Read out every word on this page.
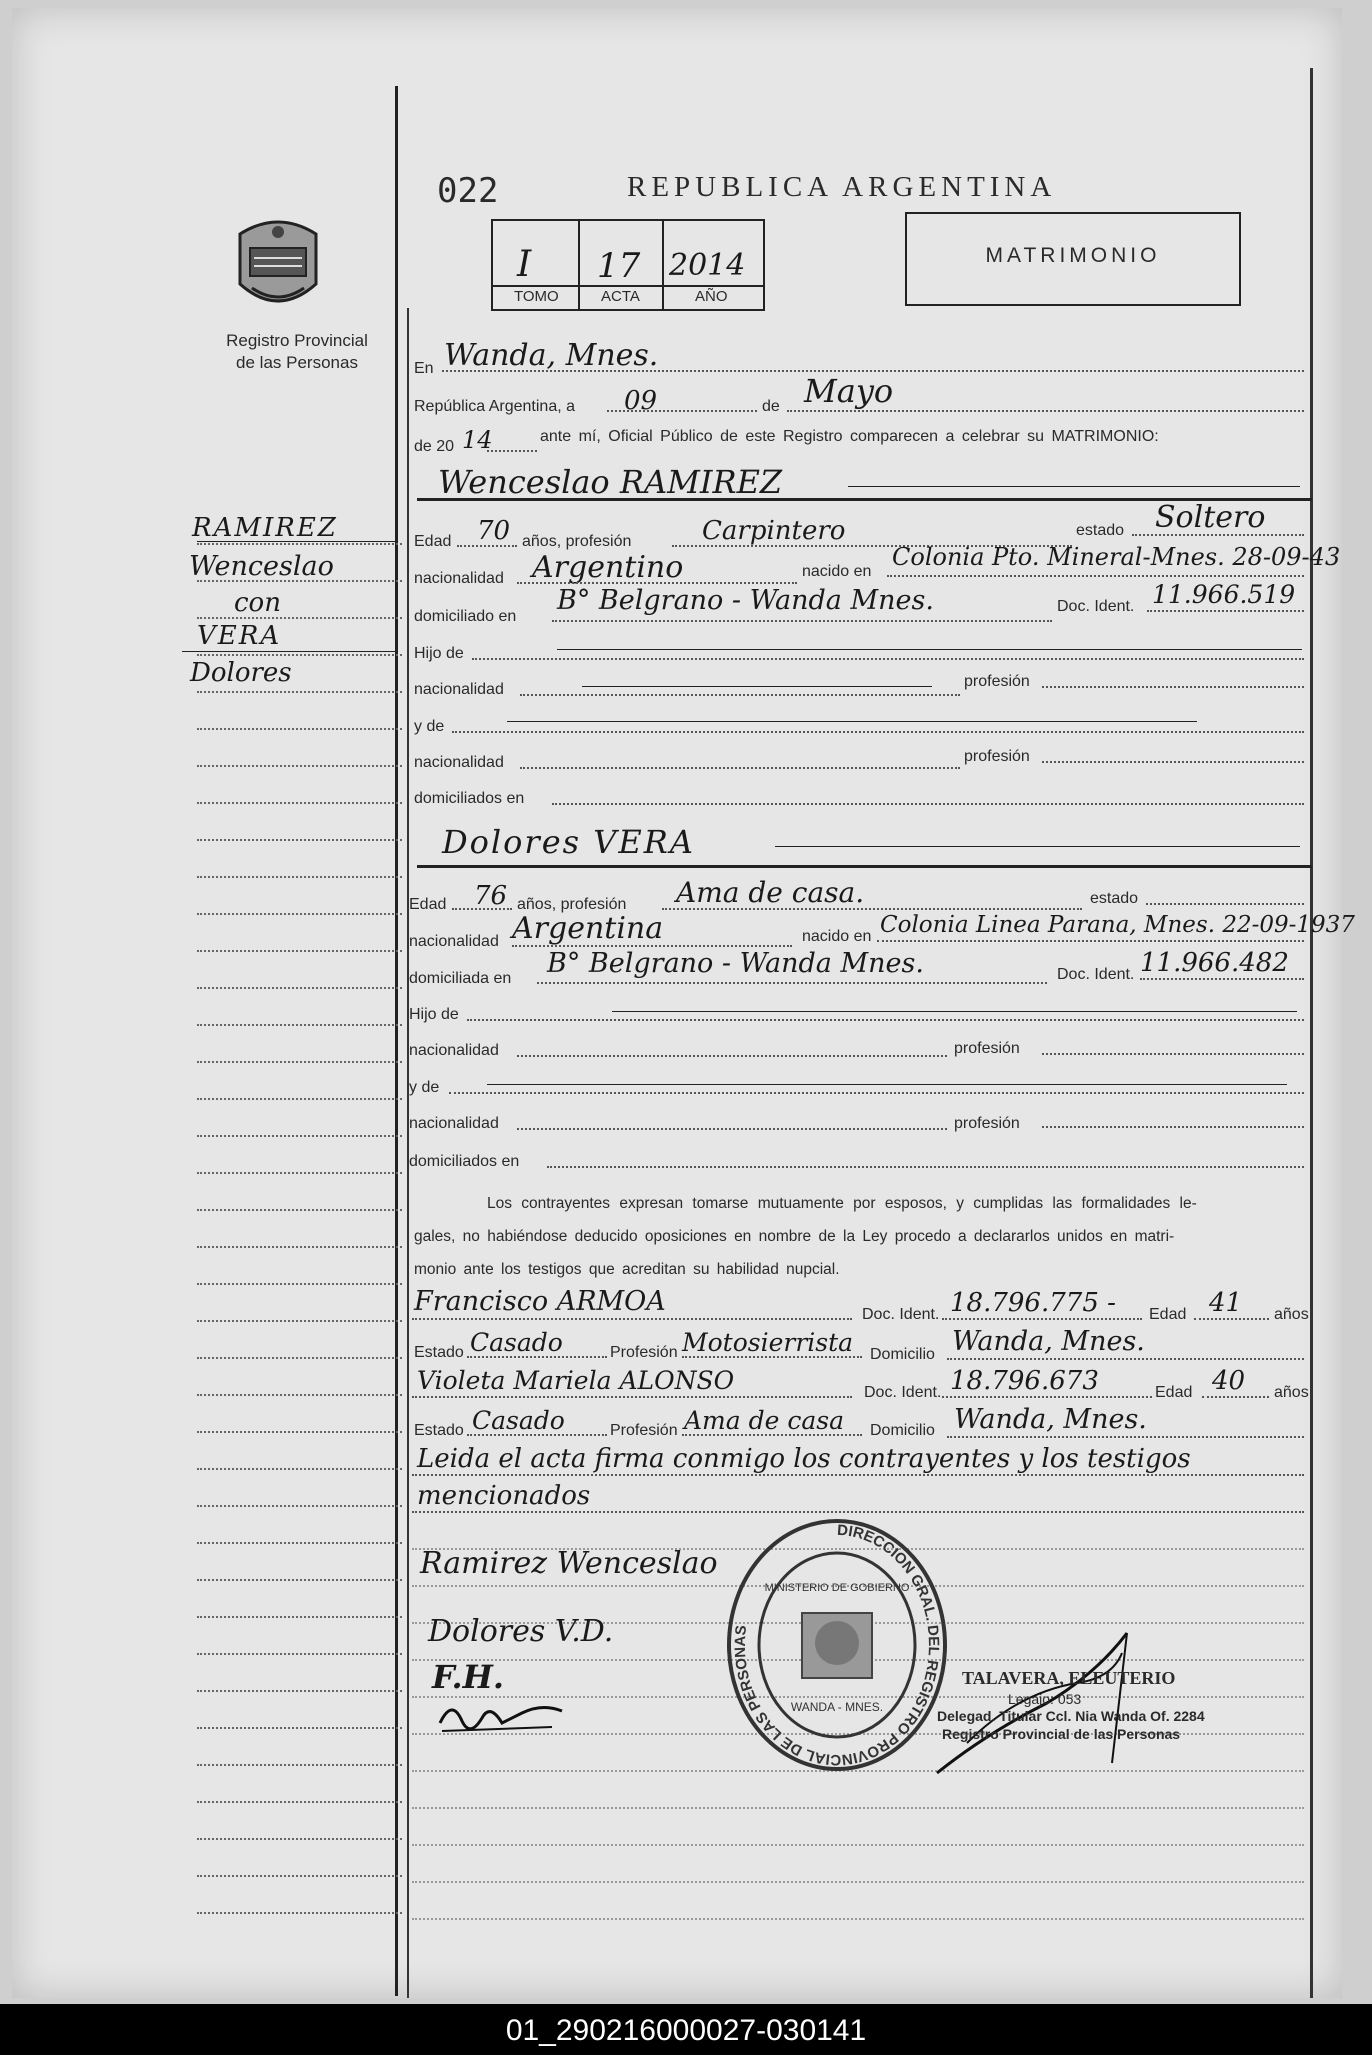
022	REPUBLICA ARGENTINA
I 17 2014
TOMO	ACTA	AÑO
MATRIMONIO
Registro Provincial
de las Personas
RAMIREZ
Wenceslao
con
VERA
Dolores
En Wanda, Mnes.
República Argentina, a 09	de Mayo
de 20 14	ante mí, Oficial Público de este Registro comparecen a celebrar su MATRIMONIO:
Wenceslao RAMIREZ
Edad 70 años, profesión	Carpintero	estado Soltero
nacionalidad Argentino	nacido en
Colonia Pto. Mineral-Mnes. 28-09-43
domiciliado en
B° Belgrano - Wanda Mnes.	Doc. Ident. 11.966.519
Hijo de
nacionalidad	profesión
y de
nacionalidad	profesión
domiciliados en
Dolores VERA
Edad 76 años, profesión Ama de casa.	estado
nacionalidad Argentina	nacido en Colonia Linea Parana, Mnes. 22-09-1937
domiciliada en B° Belgrano - Wanda Mnes.	Doc. Ident. 11.966.482
Hijo de
nacionalidad	profesión
y de
nacionalidad	profesión
domiciliados en
Los contrayentes expresan tomarse mutuamente por esposos, y cumplidas las formalidades le-
gales, no habiéndose deducido oposiciones en nombre de la Ley procedo a declararlos unidos en matri-
monio ante los testigos que acreditan su habilidad nupcial.
Francisco ARMOA	Doc. Ident. 18.796.775 - Edad 41 años
Estado Casado	Profesión Motosierrista Domicilio Wanda, Mnes.
Violeta Mariela ALONSO	Doc. Ident. 18.796.673	Edad 40 años
Estado Casado	Profesión Ama de casa Domicilio Wanda, Mnes.
Leida el acta firma conmigo los contrayentes y los testigos
mencionados
Ramirez Wenceslao
Dolores V.D.
F.H.
DIRECCION GRAL. DEL REGISTRO PROVINCIAL DE LAS PERSONAS
MINISTERIO DE GOBIERNO
WANDA - MNES.
TALAVERA, ELEUTERIO
Legajo: 053
Delegad. Titular Ccl. Nia Wanda Of. 2284
Registro Provincial de las Personas
01_290216000027-030141
